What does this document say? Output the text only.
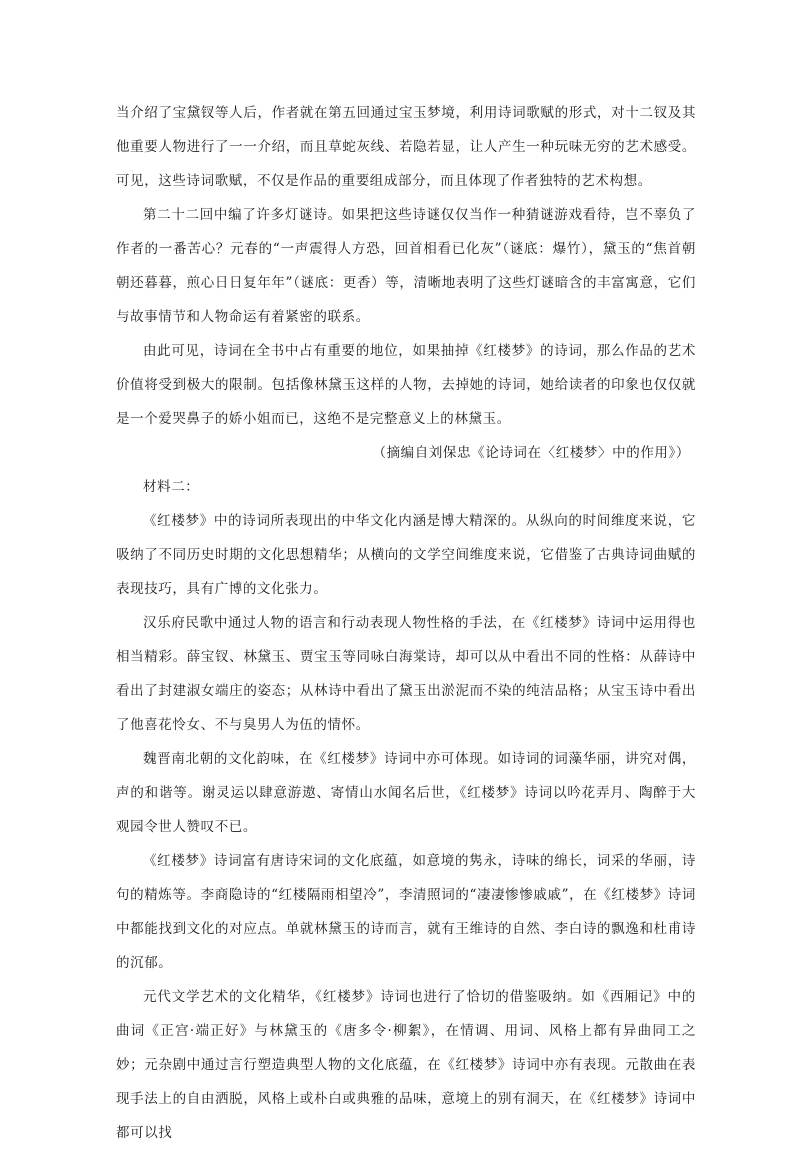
当介绍了宝黛钗等人后，作者就在第五回通过宝玉梦境，利用诗词歌赋的形式，对十二钗及其他重要人物进行了一一介绍，而且草蛇灰线、若隐若显，让人产生一种玩味无穷的艺术感受。可见，这些诗词歌赋，不仅是作品的重要组成部分，而且体现了作者独特的艺术构想。

第二十二回中编了许多灯谜诗。如果把这些诗谜仅仅当作一种猜谜游戏看待，岂不辜负了作者的一番苦心？元春的“一声震得人方恐，回首相看已化灰”（谜底：爆竹），黛玉的“焦首朝朝还暮暮，煎心日日复年年”（谜底：更香）等，清晰地表明了这些灯谜暗含的丰富寓意，它们与故事情节和人物命运有着紧密的联系。

由此可见，诗词在全书中占有重要的地位，如果抽掉《红楼梦》的诗词，那么作品的艺术价值将受到极大的限制。包括像林黛玉这样的人物，去掉她的诗词，她给读者的印象也仅仅就是一个爱哭鼻子的娇小姐而已，这绝不是完整意义上的林黛玉。

（摘编自刘保忠《论诗词在〈红楼梦〉中的作用》）

材料二：

《红楼梦》中的诗词所表现出的中华文化内涵是博大精深的。从纵向的时间维度来说，它吸纳了不同历史时期的文化思想精华；从横向的文学空间维度来说，它借鉴了古典诗词曲赋的表现技巧，具有广博的文化张力。

汉乐府民歌中通过人物的语言和行动表现人物性格的手法，在《红楼梦》诗词中运用得也相当精彩。薛宝钗、林黛玉、贾宝玉等同咏白海棠诗，却可以从中看出不同的性格：从薛诗中看出了封建淑女端庄的姿态；从林诗中看出了黛玉出淤泥而不染的纯洁品格；从宝玉诗中看出了他喜花怜女、不与臭男人为伍的情怀。

魏晋南北朝的文化韵味，在《红楼梦》诗词中亦可体现。如诗词的词藻华丽，讲究对偶，声的和谐等。谢灵运以肆意游遨、寄情山水闻名后世，《红楼梦》诗词以吟花弄月、陶醉于大观园令世人赞叹不已。

《红楼梦》诗词富有唐诗宋词的文化底蕴，如意境的隽永，诗味的绵长，词采的华丽，诗句的精炼等。李商隐诗的“红楼隔雨相望冷”，李清照词的“凄凄惨惨戚戚”，在《红楼梦》诗词中都能找到文化的对应点。单就林黛玉的诗而言，就有王维诗的自然、李白诗的飘逸和杜甫诗的沉郁。

元代文学艺术的文化精华，《红楼梦》诗词也进行了恰切的借鉴吸纳。如《西厢记》中的曲词《正宫·端正好》与林黛玉的《唐多令·柳絮》，在情调、用词、风格上都有异曲同工之妙；元杂剧中通过言行塑造典型人物的文化底蕴，在《红楼梦》诗词中亦有表现。元散曲在表现手法上的自由洒脱，风格上或朴白或典雅的品味，意境上的别有洞天，在《红楼梦》诗词中都可以找
